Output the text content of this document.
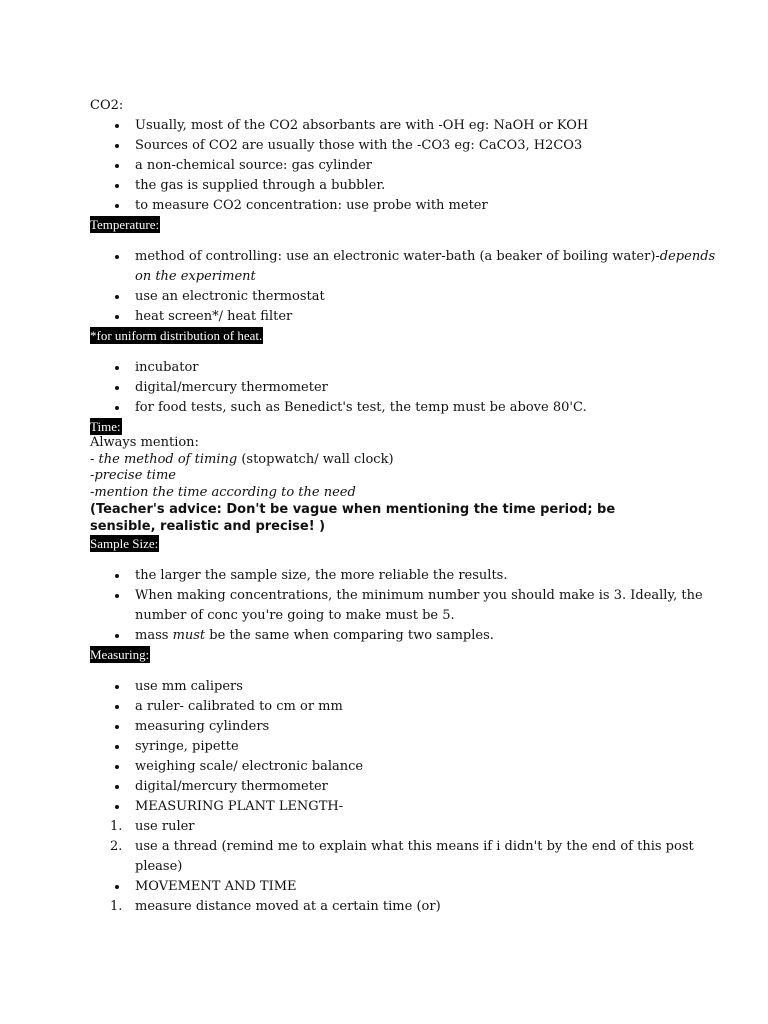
CO2:
Usually, most of the CO2 absorbants are with -OH eg: NaOH or KOH
Sources of CO2 are usually those with the -CO3 eg: CaCO3, H2CO3
a non-chemical source: gas cylinder
the gas is supplied through a bubbler.
to measure CO2 concentration: use probe with meter
Temperature:
method of controlling: use an electronic water-bath (a beaker of boiling water)-depends
on the experiment
use an electronic thermostat
heat screen*/ heat filter
*for uniform distribution of heat.
incubator
digital/mercury thermometer
for food tests, such as Benedict's test, the temp must be above 80'C.
Time:
Always mention:
- the method of timing (stopwatch/ wall clock)
-precise time
-mention the time according to the need
(Teacher's advice: Don't be vague when mentioning the time period; be sensible, realistic and precise! )
Sample Size:
the larger the sample size, the more reliable the results.
When making concentrations, the minimum number you should make is 3. Ideally, the
number of conc you're going to make must be 5.
mass must be the same when comparing two samples.
Measuring:
use mm calipers
a ruler- calibrated to cm or mm
measuring cylinders
syringe, pipette
weighing scale/ electronic balance
digital/mercury thermometer
MEASURING PLANT LENGTH-
1. use ruler
2. use a thread (remind me to explain what this means if i didn't by the end of this post
please)
MOVEMENT AND TIME
1. measure distance moved at a certain time (or)
